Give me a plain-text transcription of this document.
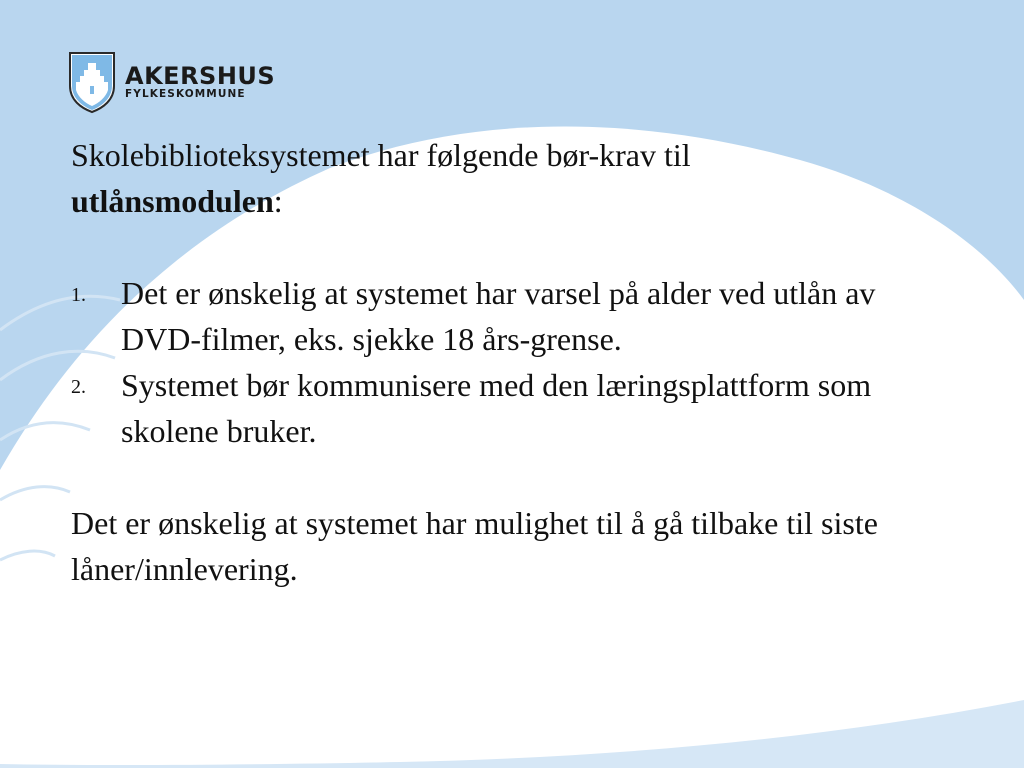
AKERSHUS
FYLKESKOMMUNE

Skolebiblioteksystemet har følgende bør-krav til
utlånsmodulen:

1.	Det er ønskelig at systemet har varsel på alder ved utlån av DVD-filmer, eks. sjekke 18 års-grense.
2.	Systemet bør kommunisere med den læringsplattform som skolene bruker.

Det er ønskelig at systemet har mulighet til å gå tilbake til siste låner/innlevering.
